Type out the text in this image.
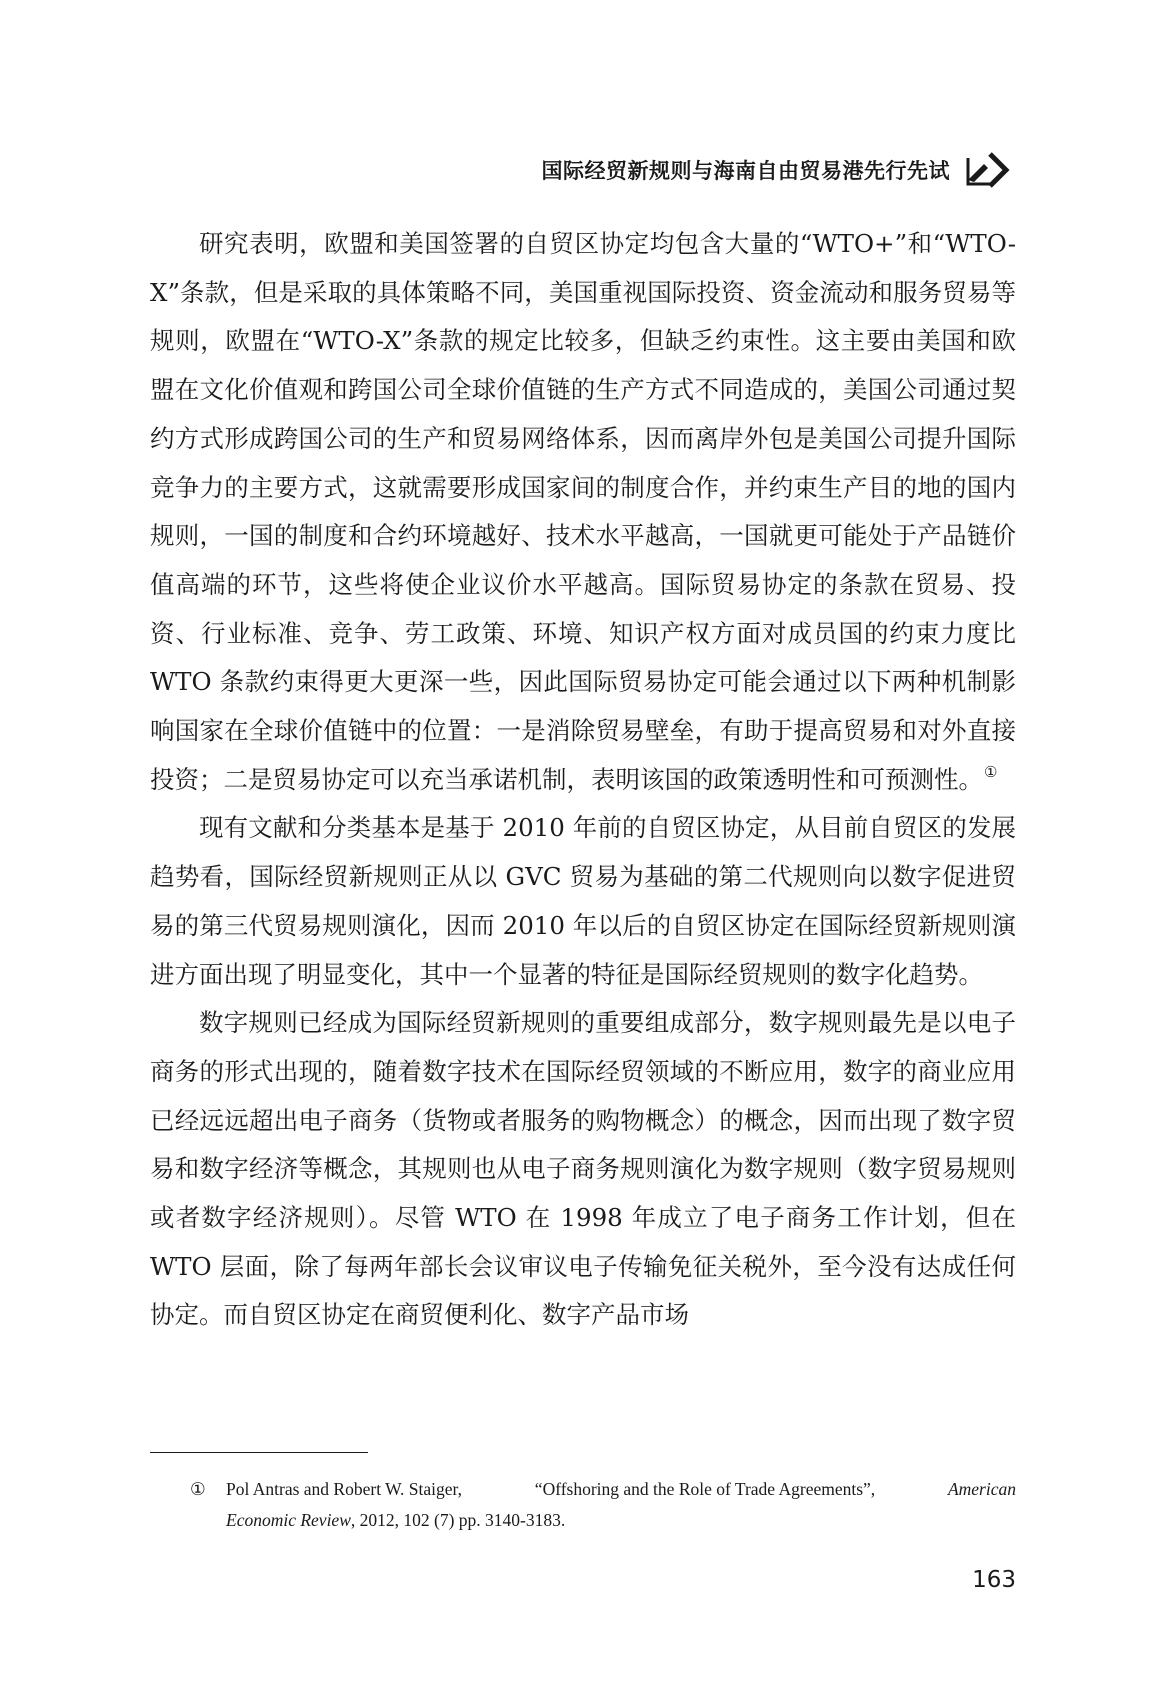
国际经贸新规则与海南自由贸易港先行先试

研究表明，欧盟和美国签署的自贸区协定均包含大量的“WTO+”和“WTO-X”条款，但是采取的具体策略不同，美国重视国际投资、资金流动和服务贸易等规则，欧盟在“WTO-X”条款的规定比较多，但缺乏约束性。这主要由美国和欧盟在文化价值观和跨国公司全球价值链的生产方式不同造成的，美国公司通过契约方式形成跨国公司的生产和贸易网络体系，因而离岸外包是美国公司提升国际竞争力的主要方式，这就需要形成国家间的制度合作，并约束生产目的地的国内规则，一国的制度和合约环境越好、技术水平越高，一国就更可能处于产品链价值高端的环节，这些将使企业议价水平越高。国际贸易协定的条款在贸易、投资、行业标准、竞争、劳工政策、环境、知识产权方面对成员国的约束力度比 WTO 条款约束得更大更深一些，因此国际贸易协定可能会通过以下两种机制影响国家在全球价值链中的位置：一是消除贸易壁垒，有助于提高贸易和对外直接投资；二是贸易协定可以充当承诺机制，表明该国的政策透明性和可预测性。①

现有文献和分类基本是基于 2010 年前的自贸区协定，从目前自贸区的发展趋势看，国际经贸新规则正从以 GVC 贸易为基础的第二代规则向以数字促进贸易的第三代贸易规则演化，因而 2010 年以后的自贸区协定在国际经贸新规则演进方面出现了明显变化，其中一个显著的特征是国际经贸规则的数字化趋势。

数字规则已经成为国际经贸新规则的重要组成部分，数字规则最先是以电子商务的形式出现的，随着数字技术在国际经贸领域的不断应用，数字的商业应用已经远远超出电子商务（货物或者服务的购物概念）的概念，因而出现了数字贸易和数字经济等概念，其规则也从电子商务规则演化为数字规则（数字贸易规则或者数字经济规则）。尽管 WTO 在 1998 年成立了电子商务工作计划，但在 WTO 层面，除了每两年部长会议审议电子传输免征关税外，至今没有达成任何协定。而自贸区协定在商贸便利化、数字产品市场

① Pol Antras and Robert W. Staiger,	“Offshoring and the Role of Trade Agreements”,	American
Economic Review, 2012, 102 (7) pp. 3140-3183.
163
